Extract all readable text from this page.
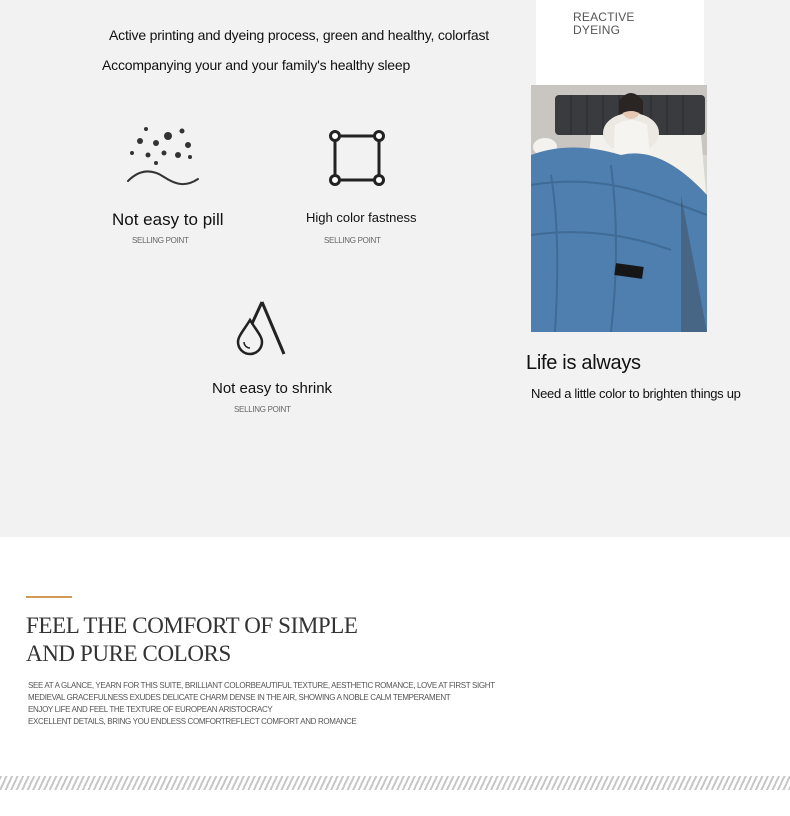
Active printing and dyeing process, green and healthy, colorfast
Accompanying your and your family's healthy sleep
REACTIVE
DYEING
Not easy to pill
SELLING POINT
High color fastness
SELLING POINT
Not easy to shrink
SELLING POINT
Life is always
Need a little color to brighten things up
FEEL THE COMFORT OF SIMPLE
AND PURE COLORS
SEE AT A GLANCE, YEARN FOR THIS SUITE, BRILLIANT COLORBEAUTIFUL TEXTURE, AESTHETIC ROMANCE, LOVE AT FIRST SIGHT
MEDIEVAL GRACEFULNESS EXUDES DELICATE CHARM DENSE IN THE AIR, SHOWING A NOBLE CALM TEMPERAMENT
ENJOY LIFE AND FEEL THE TEXTURE OF EUROPEAN ARISTOCRACY
EXCELLENT DETAILS, BRING YOU ENDLESS COMFORTREFLECT COMFORT AND ROMANCE
